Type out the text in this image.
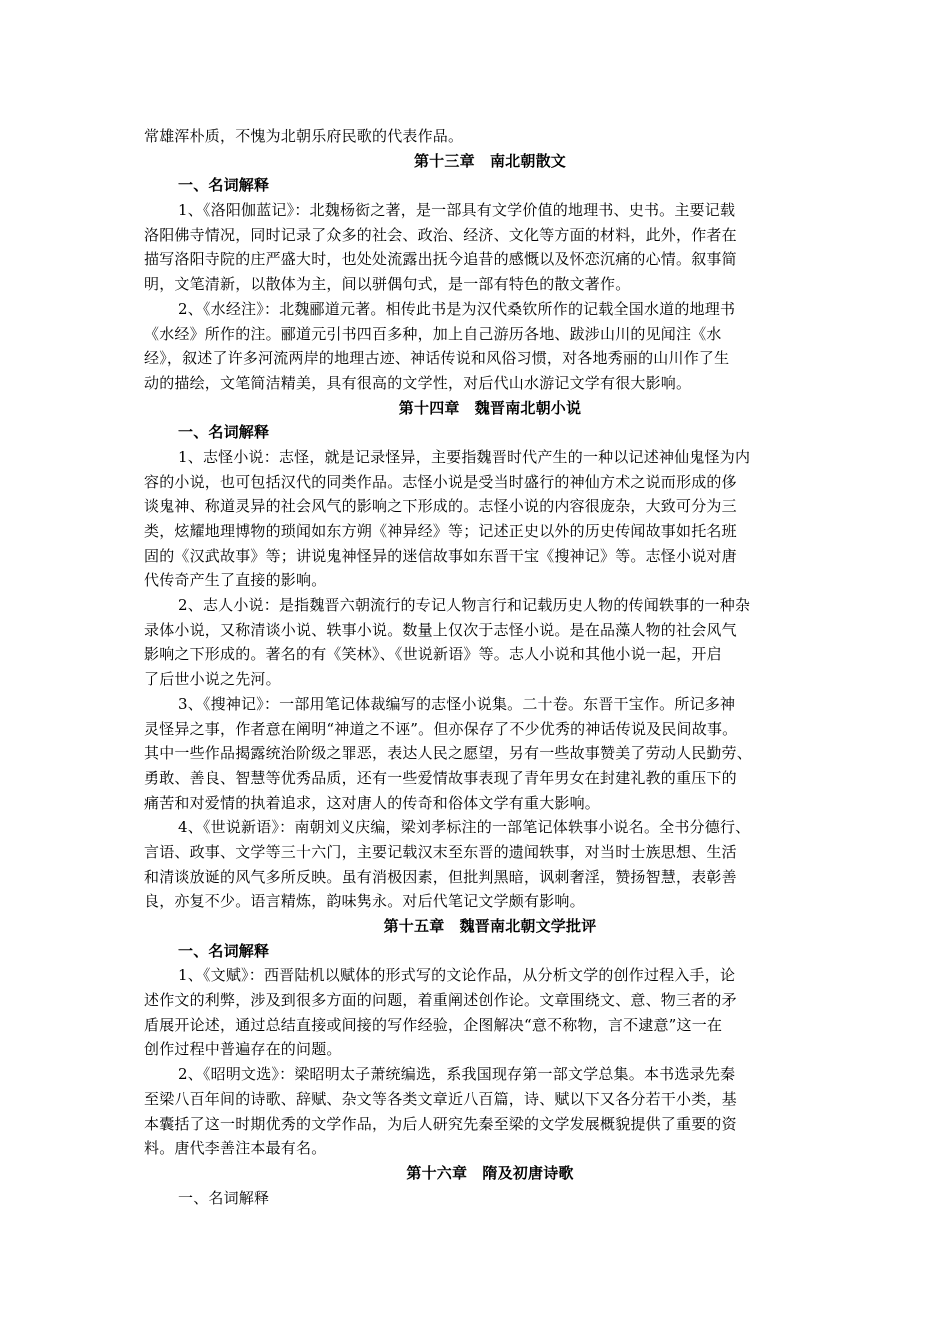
常雄浑朴质，不愧为北朝乐府民歌的代表作品。
第十三章　南北朝散文
一、名词解释
1、《洛阳伽蓝记》：北魏杨衒之著，是一部具有文学价值的地理书、史书。主要记载
洛阳佛寺情况，同时记录了众多的社会、政治、经济、文化等方面的材料，此外，作者在
描写洛阳寺院的庄严盛大时，也处处流露出抚今追昔的感慨以及怀恋沉痛的心情。叙事简
明，文笔清新，以散体为主，间以骈偶句式，是一部有特色的散文著作。
2、《水经注》：北魏郦道元著。相传此书是为汉代桑钦所作的记载全国水道的地理书
《水经》所作的注。郦道元引书四百多种，加上自己游历各地、跋涉山川的见闻注《水
经》，叙述了许多河流两岸的地理古迹、神话传说和风俗习惯，对各地秀丽的山川作了生
动的描绘，文笔简洁精美，具有很高的文学性，对后代山水游记文学有很大影响。
第十四章　魏晋南北朝小说
一、名词解释
1、志怪小说：志怪，就是记录怪异，主要指魏晋时代产生的一种以记述神仙鬼怪为内
容的小说，也可包括汉代的同类作品。志怪小说是受当时盛行的神仙方术之说而形成的侈
谈鬼神、称道灵异的社会风气的影响之下形成的。志怪小说的内容很庞杂，大致可分为三
类，炫耀地理博物的琐闻如东方朔《神异经》等；记述正史以外的历史传闻故事如托名班
固的《汉武故事》等；讲说鬼神怪异的迷信故事如东晋干宝《搜神记》等。志怪小说对唐
代传奇产生了直接的影响。
2、志人小说：是指魏晋六朝流行的专记人物言行和记载历史人物的传闻轶事的一种杂
录体小说，又称清谈小说、轶事小说。数量上仅次于志怪小说。是在品藻人物的社会风气
影响之下形成的。著名的有《笑林》、《世说新语》等。志人小说和其他小说一起，开启
了后世小说之先河。
3、《搜神记》：一部用笔记体裁编写的志怪小说集。二十卷。东晋干宝作。所记多神
灵怪异之事，作者意在阐明“神道之不诬”。但亦保存了不少优秀的神话传说及民间故事。
其中一些作品揭露统治阶级之罪恶，表达人民之愿望，另有一些故事赞美了劳动人民勤劳、
勇敢、善良、智慧等优秀品质，还有一些爱情故事表现了青年男女在封建礼教的重压下的
痛苦和对爱情的执着追求，这对唐人的传奇和俗体文学有重大影响。
4、《世说新语》：南朝刘义庆编，梁刘孝标注的一部笔记体轶事小说名。全书分德行、
言语、政事、文学等三十六门，主要记载汉末至东晋的遗闻轶事，对当时士族思想、生活
和清谈放诞的风气多所反映。虽有消极因素，但批判黑暗，讽刺奢淫，赞扬智慧，表彰善
良，亦复不少。语言精炼，韵味隽永。对后代笔记文学颇有影响。
第十五章　魏晋南北朝文学批评
一、名词解释
1、《文赋》：西晋陆机以赋体的形式写的文论作品，从分析文学的创作过程入手，论
述作文的利弊，涉及到很多方面的问题，着重阐述创作论。文章围绕文、意、物三者的矛
盾展开论述，通过总结直接或间接的写作经验，企图解决“意不称物，言不逮意”这一在
创作过程中普遍存在的问题。
2、《昭明文选》：梁昭明太子萧统编选，系我国现存第一部文学总集。本书选录先秦
至梁八百年间的诗歌、辞赋、杂文等各类文章近八百篇，诗、赋以下又各分若干小类，基
本囊括了这一时期优秀的文学作品，为后人研究先秦至梁的文学发展概貌提供了重要的资
料。唐代李善注本最有名。
第十六章　隋及初唐诗歌
一、名词解释
